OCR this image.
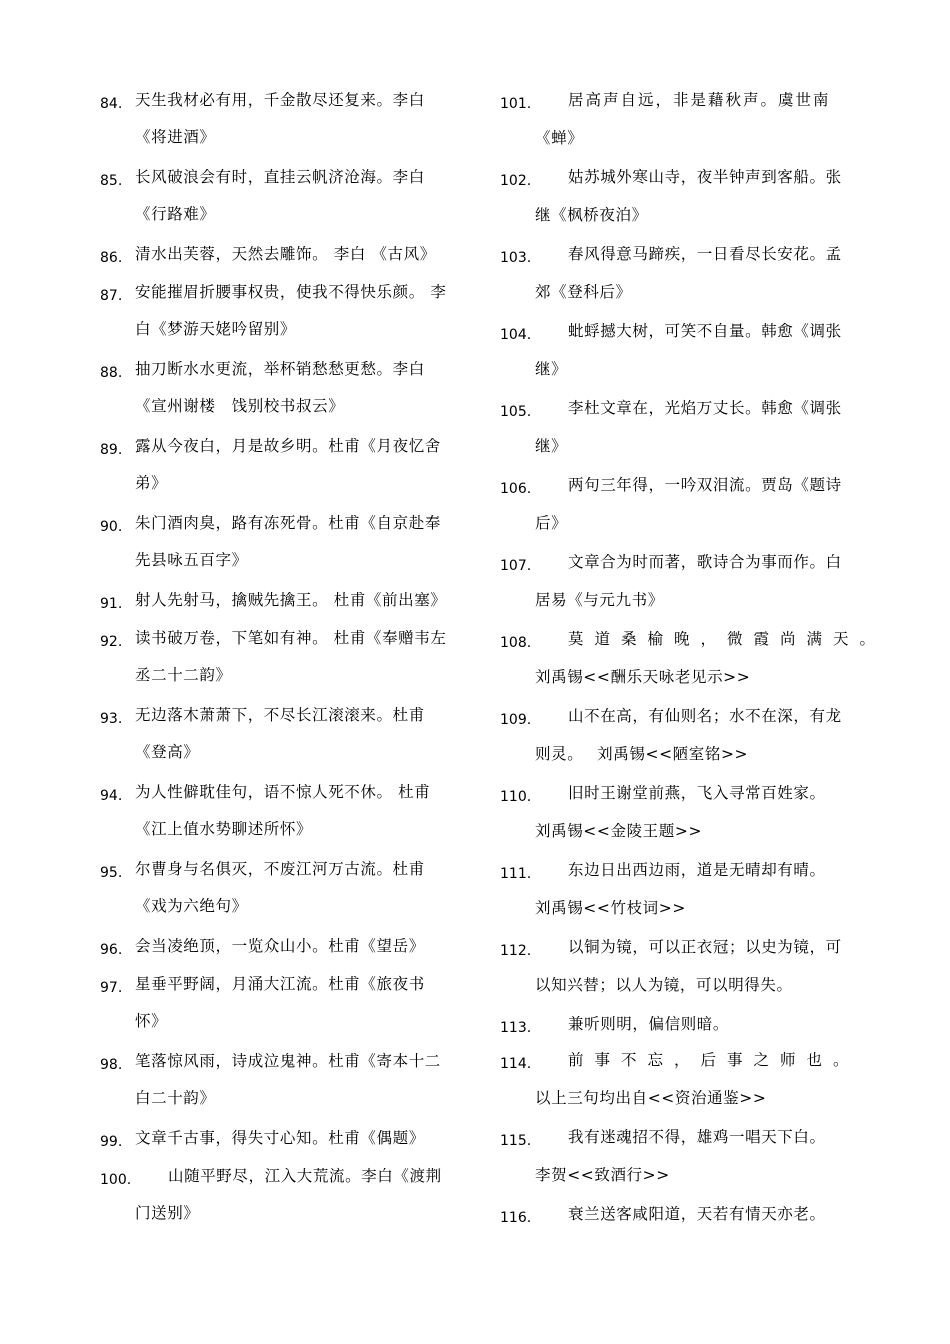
84. 天生我材必有用，千金散尽还复来。李白
《将进酒》
85. 长风破浪会有时，直挂云帆济沧海。李白
《行路难》
86. 清水出芙蓉，天然去雕饰。 李白 《古风》
87. 安能摧眉折腰事权贵，使我不得快乐颜。 李
白《梦游天姥吟留别》
88. 抽刀断水水更流，举杯销愁愁更愁。李白
《宣州谢楼　饯别校书叔云》
89. 露从今夜白，月是故乡明。杜甫《月夜忆舍
弟》
90. 朱门酒肉臭，路有冻死骨。杜甫《自京赴奉
先县咏五百字》
91. 射人先射马，擒贼先擒王。 杜甫《前出塞》
92. 读书破万卷，下笔如有神。 杜甫《奉赠韦左
丞二十二韵》
93. 无边落木萧萧下，不尽长江滚滚来。杜甫
《登高》
94. 为人性僻耽佳句，语不惊人死不休。 杜甫
《江上值水势聊述所怀》
95. 尔曹身与名俱灭，不废江河万古流。杜甫
《戏为六绝句》
96. 会当凌绝顶，一览众山小。杜甫《望岳》
97. 星垂平野阔，月涌大江流。杜甫《旅夜书
怀》
98. 笔落惊风雨，诗成泣鬼神。杜甫《寄本十二
白二十韵》
99. 文章千古事，得失寸心知。杜甫《偶题》
100. 山随平野尽，江入大荒流。李白《渡荆
门送别》
101. 居高声自远，非是藉秋声。虞世南
《蝉》
102. 姑苏城外寒山寺，夜半钟声到客船。张
继《枫桥夜泊》
103. 春风得意马蹄疾，一日看尽长安花。孟
郊《登科后》
104. 蚍蜉撼大树，可笑不自量。韩愈《调张
继》
105. 李杜文章在，光焰万丈长。韩愈《调张
继》
106. 两句三年得，一吟双泪流。贾岛《题诗
后》
107. 文章合为时而著，歌诗合为事而作。白
居易《与元九书》
108. 莫道桑榆晚，微霞尚满天。
刘禹锡<<酬乐天咏老见示>>
109. 山不在高，有仙则名；水不在深，有龙
则灵。　 刘禹锡<<陋室铭>>
110. 旧时王谢堂前燕，飞入寻常百姓家。
刘禹锡<<金陵王题>>
111. 东边日出西边雨，道是无晴却有晴。
刘禹锡<<竹枝词>>
112. 以铜为镜，可以正衣冠；以史为镜，可
以知兴替；以人为镜，可以明得失。
113. 兼听则明，偏信则暗。
114. 前事不忘，后事之师也。
以上三句均出自<<资治通鉴>>
115. 我有迷魂招不得，雄鸡一唱天下白。
李贺<<致酒行>>
116. 衰兰送客咸阳道，天若有情天亦老。
